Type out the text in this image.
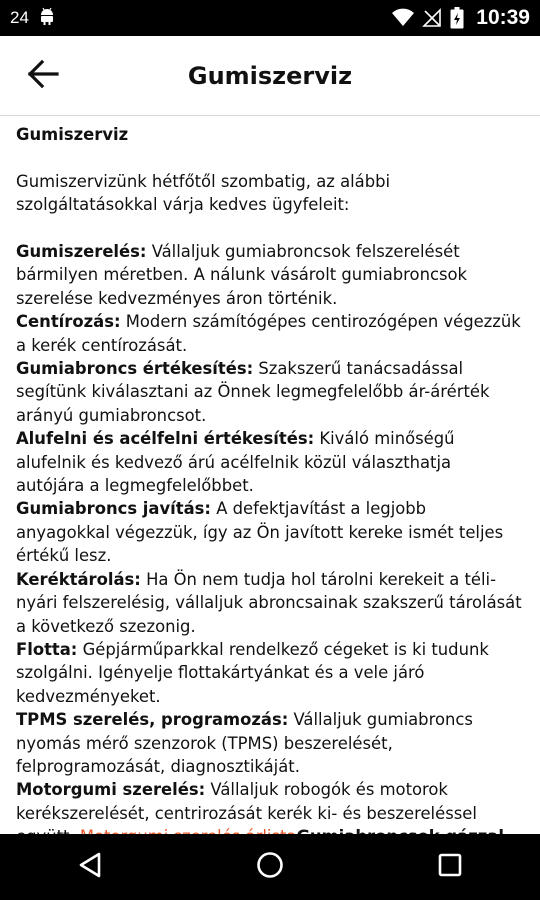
24	10:39
Gumiszerviz

Gumiszerviz

Gumiszervizünk hétfőtől szombatig, az alábbi szolgáltatásokkal várja kedves ügyfeleit:

Gumiszerelés: Vállaljuk gumiabroncsok felszerelését bármilyen méretben. A nálunk vásárolt gumiabroncsok szerelése kedvezményes áron történik.

Centírozás: Modern számítógépes centirozógépen végezzük a kerék centírozását.

Gumiabroncs értékesítés: Szakszerű tanácsadással segítünk kiválasztani az Önnek legmegfelelőbb ár-árérték arányú gumiabroncsot.

Alufelni és acélfelni értékesítés: Kiváló minőségű alufelnik és kedvező árú acélfelnik közül választhatja autójára a legmegfelelőbbet.

Gumiabroncs javítás: A defektjavítást a legjobb anyagokkal végezzük, így az Ön javított kereke ismét teljes értékű lesz.

Keréktárolás: Ha Ön nem tudja hol tárolni kerekeit a téli-nyári felszerelésig, vállaljuk abroncsainak szakszerű tárolását a következő szezonig.

Flotta: Gépjárműparkkal rendelkező cégeket is ki tudunk szolgálni. Igényelje flottakártyánkat és a vele járó kedvezményeket.

TPMS szerelés, programozás: Vállaljuk gumiabroncs nyomás mérő szenzorok (TPMS) beszerelését, felprogramozását, diagnosztikáját.

Motorgumi szerelés: Vállaljuk robogók és motorok kerékszerelését, centrirozását kerék ki- és beszereléssel
